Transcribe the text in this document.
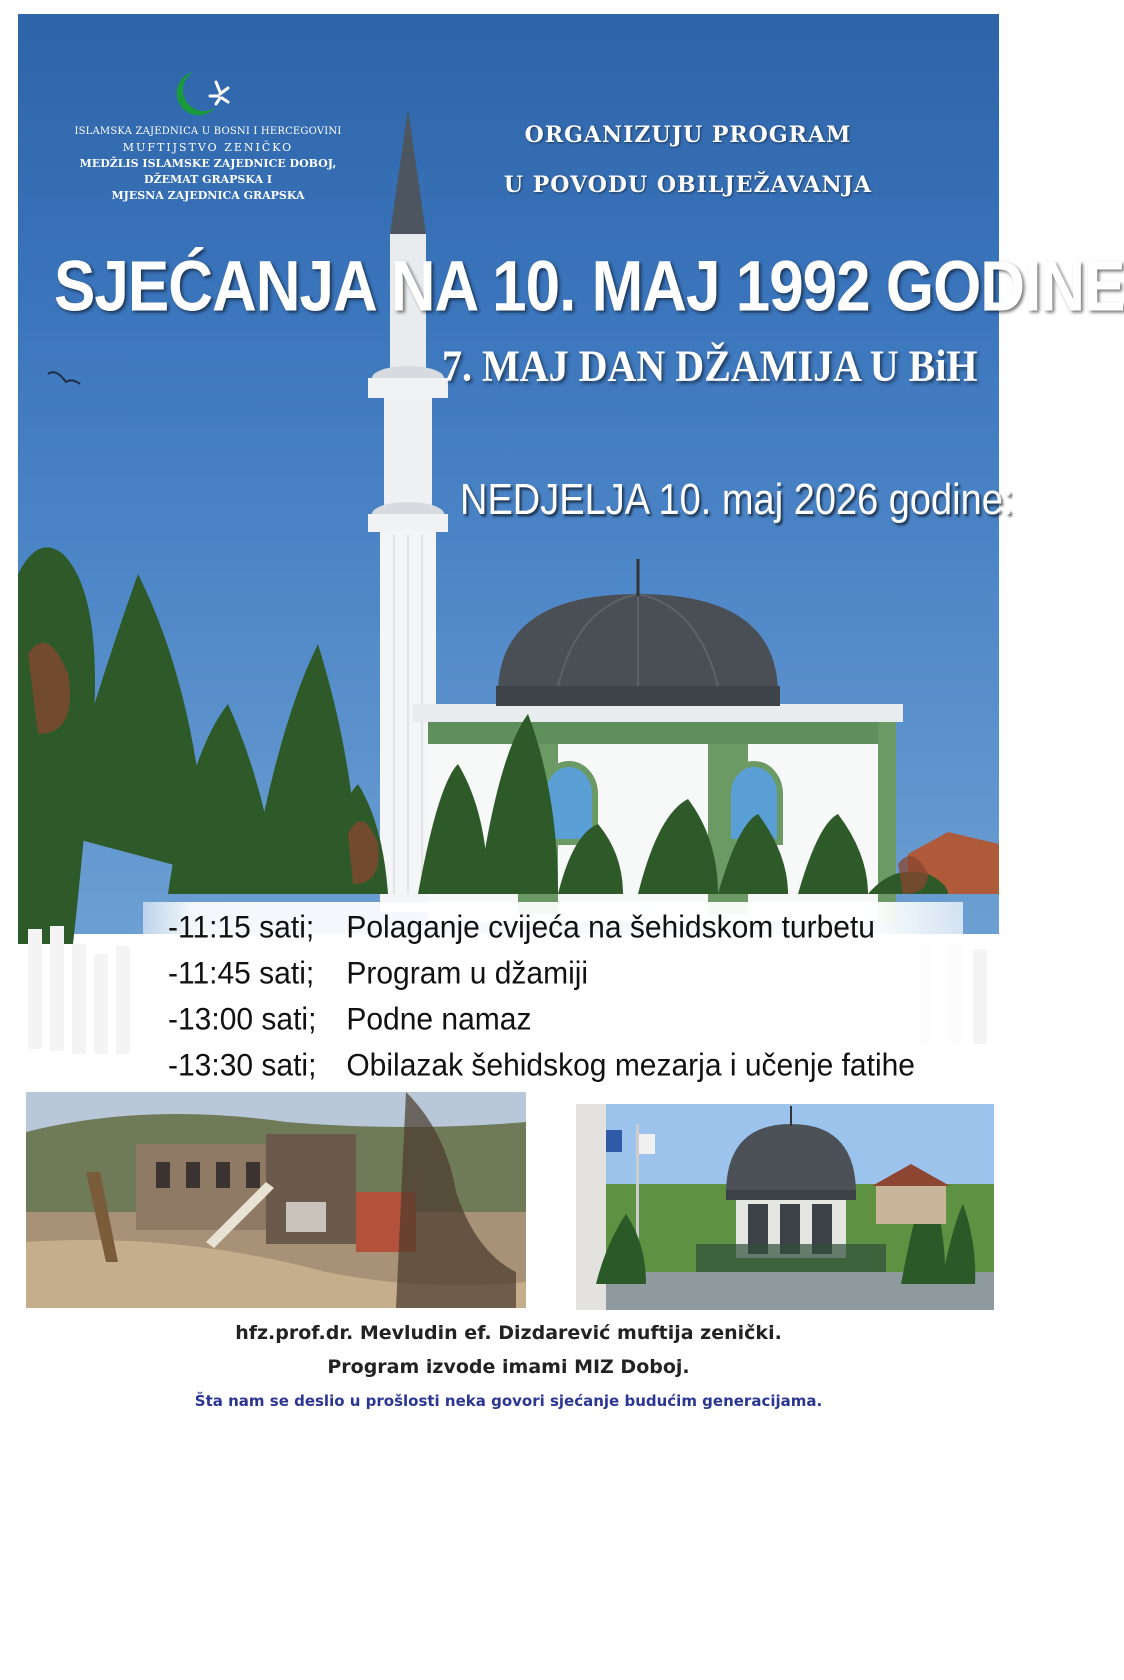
ISLAMSKA ZAJEDNICA U BOSNI I HERCEGOVINI
MUFTIJSTVO ZENIČKO
MEDŽLIS ISLAMSKE ZAJEDNICE DOBOJ,
DŽEMAT GRAPSKA I
MJESNA ZAJEDNICA GRAPSKA
ORGANIZUJU PROGRAM
U POVODU OBILJEŽAVANJA
SJEĆANJA NA 10. MAJ 1992 GODINE
7. MAJ DAN DŽAMIJA U BiH
NEDJELJA 10. maj 2026 godine:
-11:15 sati; Polaganje cvijeća na šehidskom turbetu
-11:45 sati; Program u džamiji
-13:00 sati; Podne namaz
-13:30 sati; Obilazak šehidskog mezarja i učenje fatihe
NovaGrapska.com
hfz.prof.dr. Mevludin ef. Dizdarević muftija zenički.
Program izvode imami MIZ Doboj.
Šta nam se deslio u prošlosti neka govori sjećanje budućim generacijama.
